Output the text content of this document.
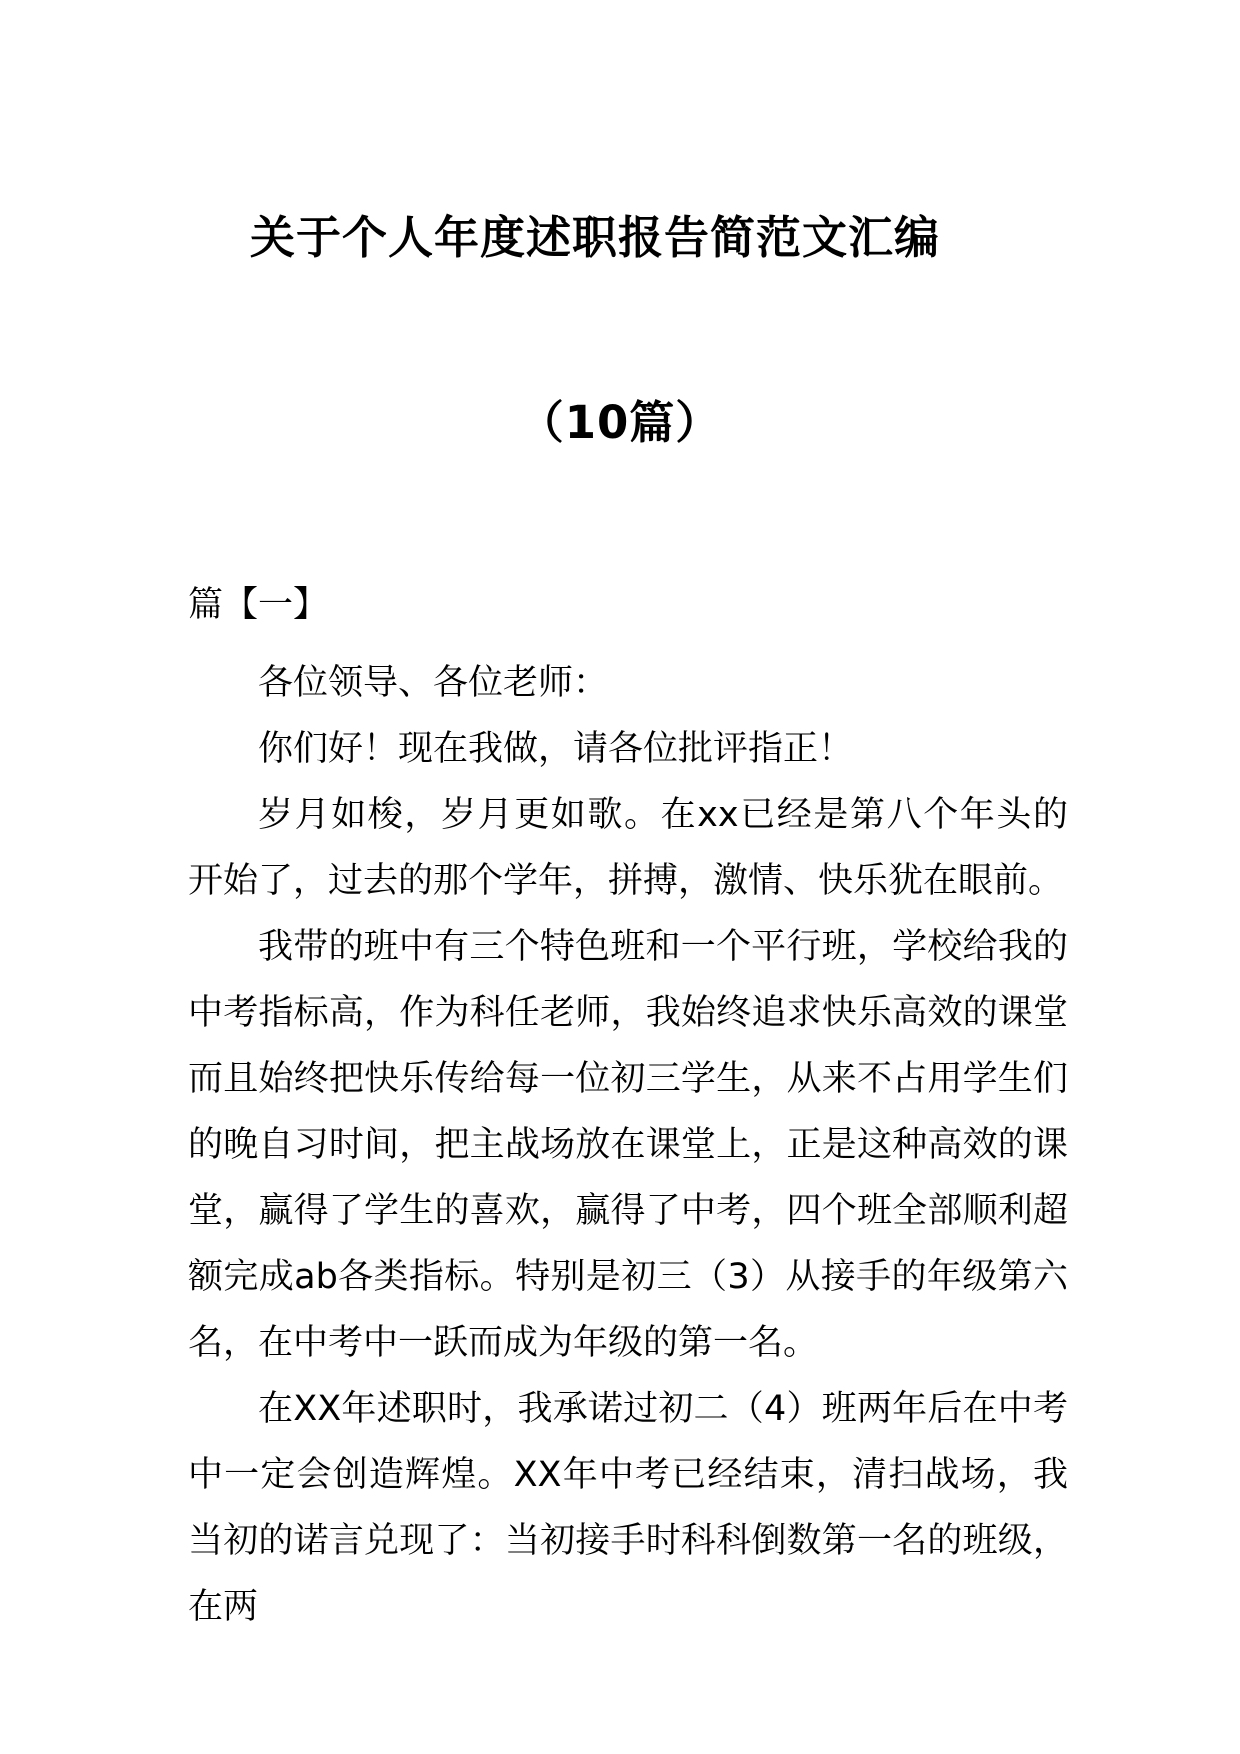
关于个人年度述职报告简范文汇编
（10篇）
篇【一】

各位领导、各位老师：

你们好！现在我做，请各位批评指正！

岁月如梭，岁月更如歌。在xx已经是第八个年头的开始了，过去的那个学年，拼搏，激情、快乐犹在眼前。

我带的班中有三个特色班和一个平行班，学校给我的中考指标高，作为科任老师，我始终追求快乐高效的课堂而且始终把快乐传给每一位初三学生，从来不占用学生们的晚自习时间，把主战场放在课堂上，正是这种高效的课堂，赢得了学生的喜欢，赢得了中考，四个班全部顺利超额完成ab各类指标。特别是初三（3）从接手的年级第六名，在中考中一跃而成为年级的第一名。

在XX年述职时，我承诺过初二（4）班两年后在中考中一定会创造辉煌。XX年中考已经结束，清扫战场，我当初的诺言兑现了：当初接手时科科倒数第一名的班级，在两
